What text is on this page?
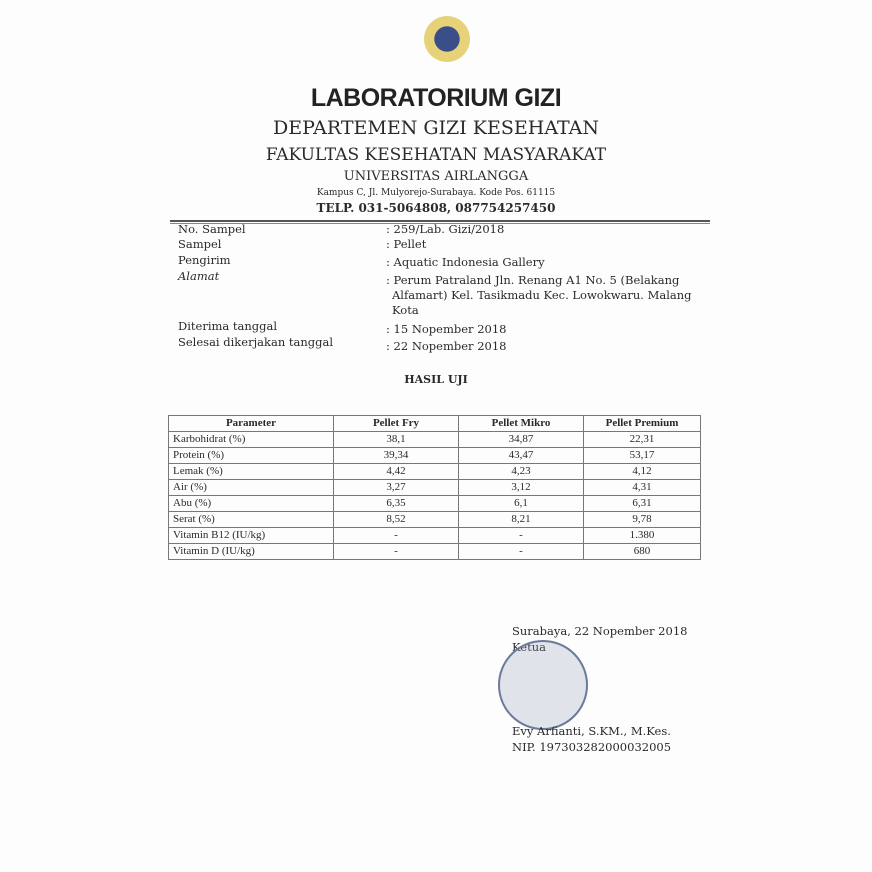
LABORATORIUM GIZI
DEPARTEMEN GIZI KESEHATAN
FAKULTAS KESEHATAN MASYARAKAT
UNIVERSITAS AIRLANGGA
Kampus C, Jl. Mulyorejo-Surabaya. Kode Pos. 61115
TELP. 031-5064808, 087754257450
No. Sampel	: 259/Lab. Gizi/2018
Sampel	: Pellet
Pengirim	: Aquatic Indonesia Gallery
Alamat	: Perum Patraland Jln. Renang A1 No. 5 (Belakang Alfamart) Kel. Tasikmadu Kec. Lowokwaru. Malang Kota
Diterima tanggal	: 15 Nopember 2018
Selesai dikerjakan tanggal	: 22 Nopember 2018
HASIL UJI
Parameter	Pellet Fry	Pellet Mikro	Pellet Premium
Karbohidrat (%)	38,1	34,87	22,31
Protein (%)	39,34	43,47	53,17
Lemak (%)	4,42	4,23	4,12
Air (%)	3,27	3,12	4,31
Abu (%)	6,35	6,1	6,31
Serat (%)	8,52	8,21	9,78
Vitamin B12 (IU/kg)	-	-	1.380
Vitamin D (IU/kg)	-	-	680
Surabaya, 22 Nopember 2018
Ketua
Evy Arfianti, S.KM., M.Kes.
NIP. 197303282000032005
